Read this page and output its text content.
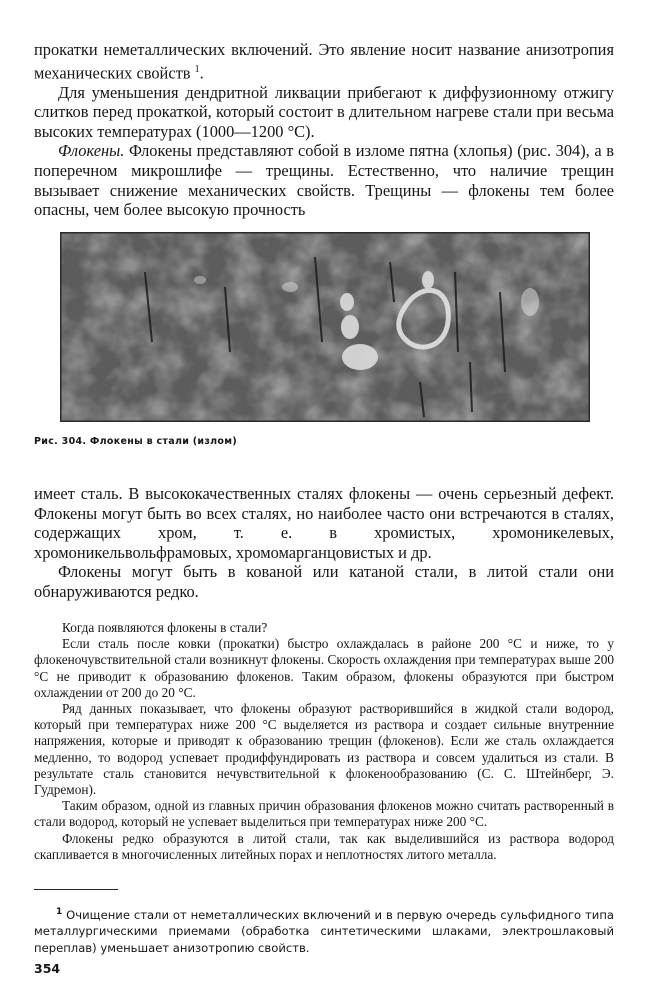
прокатки неметаллических включений. Это явление носит название анизотропия механических свойств $^1$.

Для уменьшения дендритной ликвации прибегают к диффузионному отжигу слитков перед прокаткой, который состоит в длительном нагреве стали при весьма высоких температурах (1000—1200 °С).

Флокены. Флокены представляют собой в изломе пятна (хлопья) (рис. 304), а в поперечном микрошлифе — трещины. Естественно, что наличие трещин вызывает снижение механических свойств. Трещины — флокены тем более опасны, чем более высокую прочность

Рис. 304. Флокены в стали (излом)

имеет сталь. В высококачественных сталях флокены — очень серьезный дефект. Флокены могут быть во всех сталях, но наиболее часто они встречаются в сталях, содержащих хром, т. е. в хромистых, хромоникелевых, хромоникельвольфрамовых, хромомарганцовистых и др.

Флокены могут быть в кованой или катаной стали, в литой стали они обнаруживаются редко.

Когда появляются флокены в стали?

Если сталь после ковки (прокатки) быстро охлаждалась в районе 200 °С и ниже, то у флокеночувствительной стали возникнут флокены. Скорость охлаждения при температурах выше 200 °С не приводит к образованию флокенов. Таким образом, флокены образуются при быстром охлаждении от 200 до 20 °С.

Ряд данных показывает, что флокены образуют растворившийся в жидкой стали водород, который при температурах ниже 200 °С выделяется из раствора и создает сильные внутренние напряжения, которые и приводят к образованию трещин (флокенов). Если же сталь охлаждается медленно, то водород успевает продиффундировать из раствора и совсем удалиться из стали. В результате сталь становится нечувствительной к флокенообразованию (С. С. Штейнберг, Э. Гудремон).

Таким образом, одной из главных причин образования флокенов можно считать растворенный в стали водород, который не успевает выделиться при температурах ниже 200 °С.

Флокены редко образуются в литой стали, так как выделившийся из раствора водород скапливается в многочисленных литейных порах и неплотностях литого металла.

$^1$ Очищение стали от неметаллических включений и в первую очередь сульфидного типа металлургическими приемами (обработка синтетическими шлаками, электрошлаковый переплав) уменьшает анизотропию свойств.

354
